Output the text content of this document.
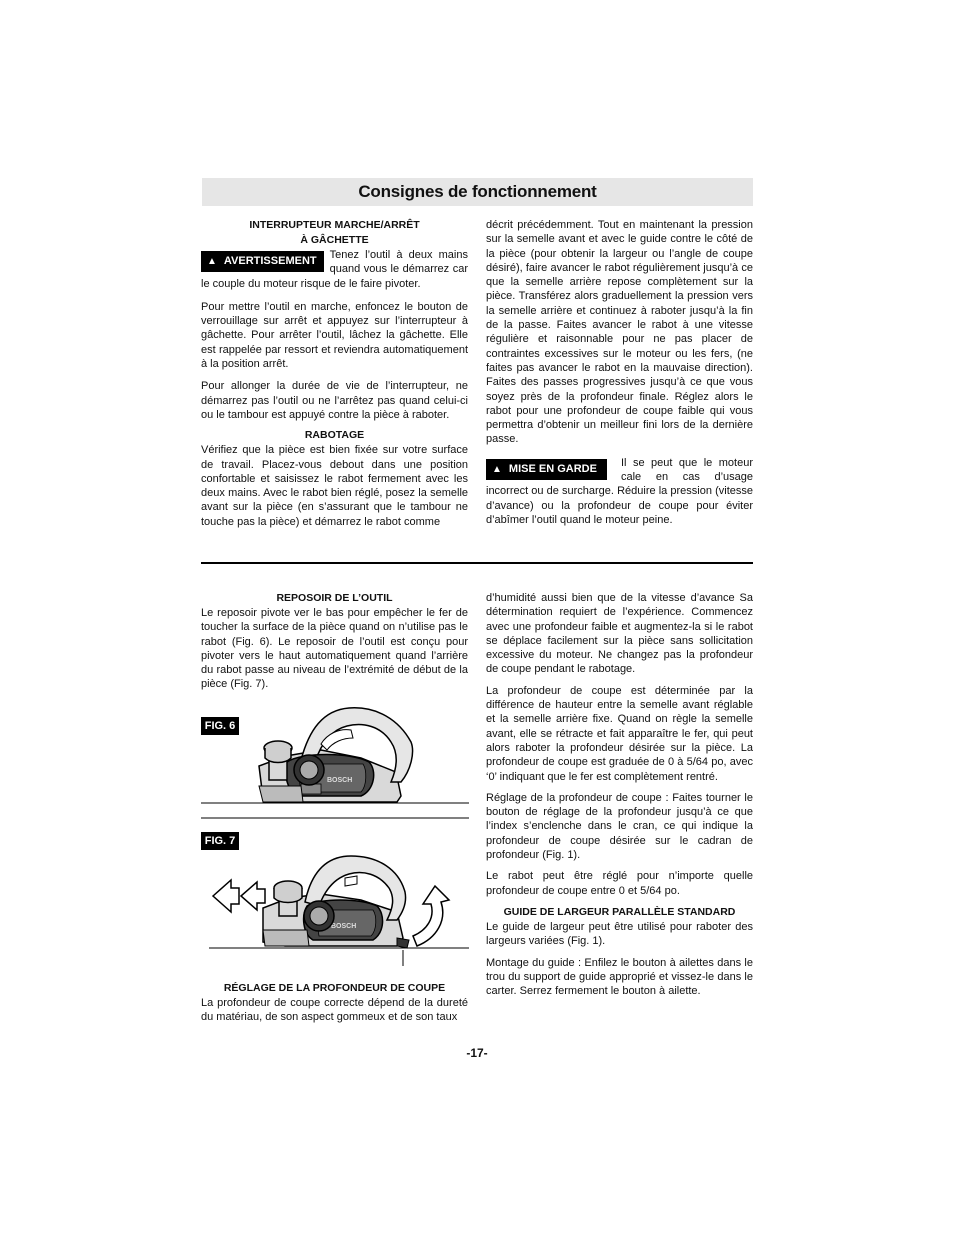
Consignes de fonctionnement
INTERRUPTEUR MARCHE/ARRÊT
À GÂCHETTE

▲ AVERTISSEMENT	Tenez l’outil à deux mains quand vous le démarrez car le couple du moteur risque de le faire pivoter.

Pour mettre l’outil en marche, enfoncez le bouton de verrouillage sur arrêt et appuyez sur l’interrupteur à gâchette. Pour arrêter l’outil, lâchez la gâchette. Elle est rappelée par ressort et reviendra automatiquement à la position arrêt.

Pour allonger la durée de vie de l’interrupteur, ne démarrez pas l’outil ou ne l’arrêtez pas quand celui-ci ou le tambour est appuyé contre la pièce à raboter.

RABOTAGE

Vérifiez que la pièce est bien fixée sur votre surface de travail. Placez-vous debout dans une position confortable et saisissez le rabot fermement avec les deux mains. Avec le rabot bien réglé, posez la semelle avant sur la pièce (en s’assurant que le tambour ne touche pas la pièce) et démarrez le rabot comme

décrit précédemment. Tout en maintenant la pression sur la semelle avant et avec le guide contre le côté de la pièce (pour obtenir la largeur ou l’angle de coupe désiré), faire avancer le rabot régulièrement jusqu’à ce que la semelle arrière repose complètement sur la pièce. Transférez alors graduellement la pression vers la semelle arrière et continuez à raboter jusqu’à la fin de la passe. Faites avancer le rabot à une vitesse régulière et raisonnable pour ne pas placer de contraintes excessives sur le moteur ou les fers, (ne faites pas avancer le rabot en la mauvaise direction). Faites des passes progressives jusqu’à ce que vous soyez près de la profondeur finale. Réglez alors le rabot pour une profondeur de coupe faible qui vous permettra d’obtenir un meilleur fini lors de la dernière passe.

▲ MISE EN GARDE	Il se peut que le moteur cale en cas d’usage incorrect ou de surcharge. Réduire la pression (vitesse d’avance) ou la profondeur de coupe pour éviter d’abîmer l’outil quand le moteur peine.

REPOSOIR DE L’OUTIL

Le reposoir pivote ver le bas pour empêcher le fer de toucher la surface de la pièce quand on n’utilise pas le rabot (Fig. 6). Le reposoir de l’outil est conçu pour pivoter vers le haut automatiquement quand l’arrière du rabot passe au niveau de l’extrémité de début de la pièce (Fig. 7).

FIG. 6
FIG. 7
BOSCH
BOSCH
RÉGLAGE DE LA PROFONDEUR DE COUPE

La profondeur de coupe correcte dépend de la dureté du matériau, de son aspect gommeux et de son taux

d’humidité aussi bien que de la vitesse d’avance Sa détermination requiert de l’expérience. Commencez avec une profondeur faible et augmentez-la si le rabot se déplace facilement sur la pièce sans sollicitation excessive du moteur. Ne changez pas la profondeur de coupe pendant le rabotage.

La profondeur de coupe est déterminée par la différence de hauteur entre la semelle avant réglable et la semelle arrière fixe. Quand on règle la semelle avant, elle se rétracte et fait apparaître le fer, qui peut alors raboter la profondeur désirée sur la pièce. La profondeur de coupe est graduée de 0 à 5/64 po, avec ‘0’ indiquant que le fer est complètement rentré.

Réglage de la profondeur de coupe : Faites tourner le bouton de réglage de la profondeur jusqu’à ce que l’index s’enclenche dans le cran, ce qui indique la profondeur de coupe désirée sur le cadran de profondeur (Fig. 1).

Le rabot peut être réglé pour n’importe quelle profondeur de coupe entre 0 et 5/64 po.

GUIDE DE LARGEUR PARALLÈLE STANDARD

Le guide de largeur peut être utilisé pour raboter des largeurs variées (Fig. 1).

Montage du guide : Enfilez le bouton à ailettes dans le trou du support de guide approprié et vissez-le dans le carter. Serrez fermement le bouton à ailette.

-17-
